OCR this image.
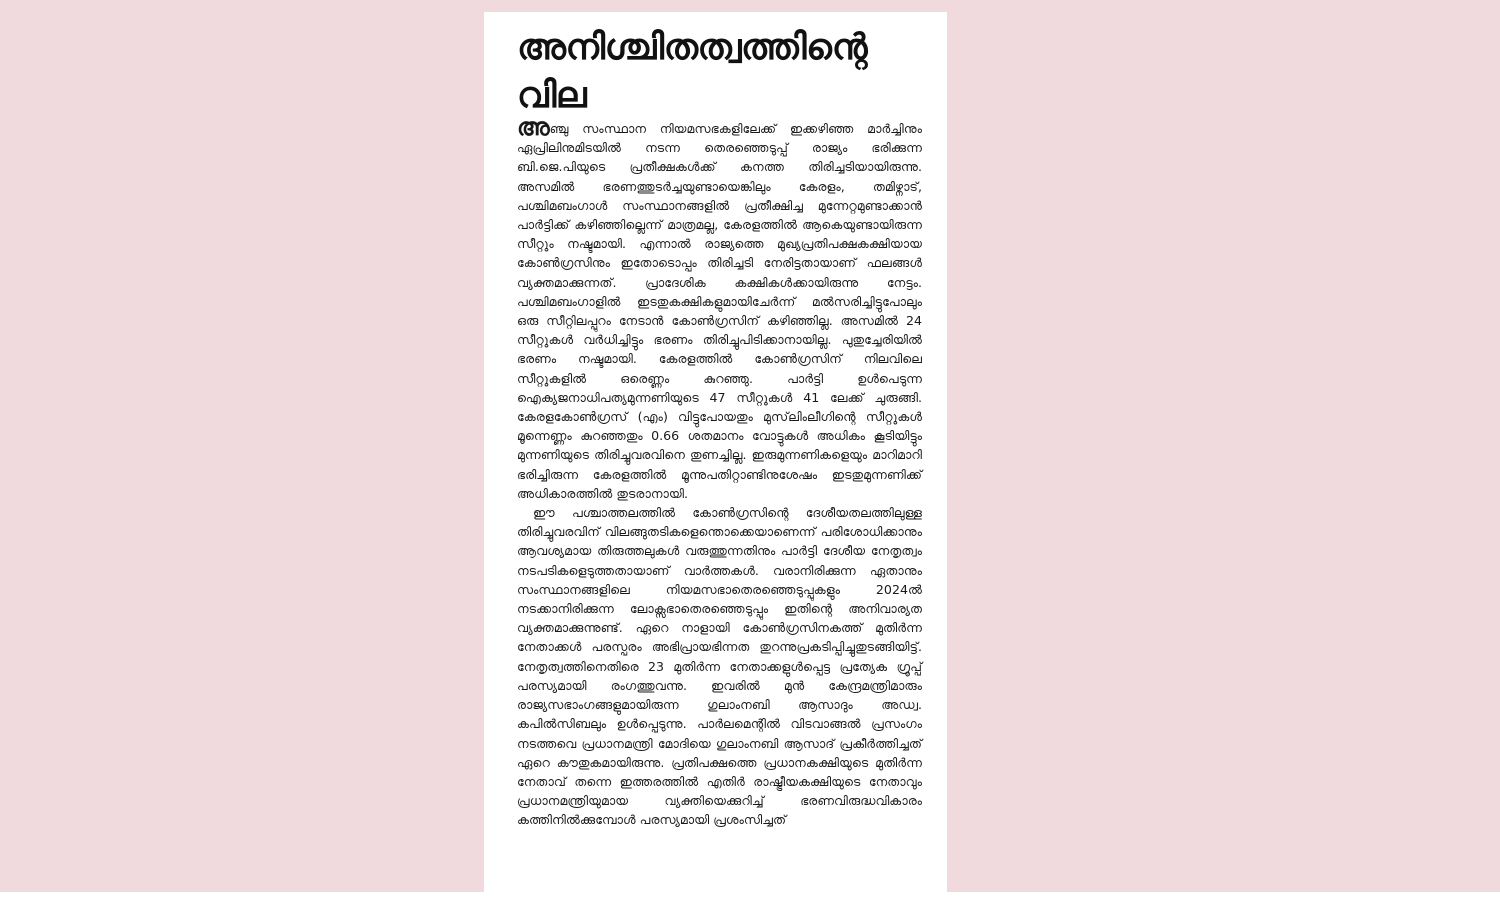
അനിശ്ചിതത്വത്തിന്റെ
വില

അഞ്ചു സംസ്ഥാന നിയമസഭകളിലേക്ക് ഇക്കഴിഞ്ഞ മാർച്ചിനും ഏപ്രിലിനുമിടയിൽ നടന്ന തെരഞ്ഞെടുപ്പ് രാജ്യം ഭരിക്കുന്ന ബി.ജെ.പിയുടെ പ്രതീക്ഷകൾക്ക് കനത്ത തിരിച്ചടിയായിരുന്നു. അസമിൽ ഭരണത്തുടർച്ചയുണ്ടായെങ്കിലും കേരളം, തമിഴ്നാട്, പശ്ചിമബംഗാൾ സംസ്ഥാനങ്ങളിൽ പ്രതീക്ഷിച്ച മുന്നേറ്റമുണ്ടാക്കാൻ പാർട്ടിക്ക് കഴിഞ്ഞില്ലെന്ന് മാത്രമല്ല, കേരളത്തിൽ ആകെയുണ്ടായിരുന്ന സീറ്റും നഷ്ടമായി. എന്നാൽ രാജ്യത്തെ മുഖ്യപ്രതിപക്ഷകക്ഷിയായ കോൺഗ്രസിനും ഇതോടൊപ്പം തിരിച്ചടി നേരിട്ടതായാണ് ഫലങ്ങൾ വ്യക്തമാക്കുന്നത്. പ്രാദേശിക കക്ഷികൾക്കായിരുന്നു നേട്ടം. പശ്ചിമബംഗാളിൽ ഇടതുകക്ഷികളുമായിചേർന്ന് മൽസരിച്ചിട്ടുപോലും ഒരു സീറ്റിലപ്പുറം നേടാൻ കോൺഗ്രസിന് കഴിഞ്ഞില്ല. അസമിൽ 24 സീറ്റുകൾ വർധിച്ചിട്ടും ഭരണം തിരിച്ചുപിടിക്കാനായില്ല. പുതുച്ചേരിയിൽ ഭരണം നഷ്ടമായി. കേരളത്തിൽ കോൺഗ്രസിന് നിലവിലെ സീറ്റുകളിൽ ഒരെണ്ണം കുറഞ്ഞു. പാർട്ടി ഉൾപെടുന്ന ഐക്യജനാധിപത്യമുന്നണിയുടെ 47 സീറ്റുകൾ 41 ലേക്ക് ചുരുങ്ങി. കേരളകോൺഗ്രസ് (എം) വിട്ടുപോയതും മുസ്‌ലിംലീഗിന്റെ സീറ്റുകൾ മൂന്നെണ്ണം കുറഞ്ഞതും 0.66 ശതമാനം വോട്ടുകൾ അധികം കൂടിയിട്ടും മുന്നണിയുടെ തിരിച്ചുവരവിനെ തുണച്ചില്ല. ഇരുമുന്നണികളെയും മാറിമാറി ഭരിച്ചിരുന്ന കേരളത്തിൽ മൂന്നുപതിറ്റാണ്ടിനുശേഷം ഇടതുമുന്നണിക്ക് അധികാരത്തിൽ തുടരാനായി.

ഈ പശ്ചാത്തലത്തിൽ കോൺഗ്രസിന്റെ ദേശീയതലത്തിലുള്ള തിരിച്ചുവരവിന് വിലങ്ങുതടികളെന്തൊക്കെയാണെന്ന് പരിശോധിക്കാനും ആവശ്യമായ തിരുത്തലുകൾ വരുത്തുന്നതിനും പാർട്ടി ദേശീയ നേതൃത്വം നടപടികളെടുത്തതായാണ് വാർത്തകൾ. വരാനിരിക്കുന്ന ഏതാനും സംസ്ഥാനങ്ങളിലെ നിയമസഭാതെരഞ്ഞെടുപ്പുകളും 2024ൽ നടക്കാനിരിക്കുന്ന ലോക്സഭാതെരഞ്ഞെടുപ്പും ഇതിന്റെ അനിവാര്യത വ്യക്തമാക്കുന്നുണ്ട്. ഏറെ നാളായി കോൺഗ്രസിനകത്ത് മുതിർന്ന നേതാക്കൾ പരസ്പരം അഭിപ്രായഭിന്നത തുറന്നുപ്രകടിപ്പിച്ചുതുടങ്ങിയിട്ട്. നേതൃത്വത്തിനെതിരെ 23 മുതിർന്ന നേതാക്കളുൾപ്പെട്ട പ്രത്യേക ഗ്രൂപ്പ് പരസ്യമായി രംഗത്തുവന്നു. ഇവരിൽ മുൻ കേന്ദ്രമന്ത്രിമാരും രാജ്യസഭാംഗങ്ങളുമായിരുന്ന ഗുലാംനബി ആസാദും അഡ്വ. കപിൽസിബലും ഉൾപ്പെടുന്നു. പാർലമെന്റിൽ വിടവാങ്ങൽ പ്രസംഗം നടത്തവെ പ്രധാനമന്ത്രി മോദിയെ ഗുലാംനബി ആസാദ് പ്രകീർത്തിച്ചത് ഏറെ കൗതുകമായിരുന്നു. പ്രതിപക്ഷത്തെ പ്രധാനകക്ഷിയുടെ മുതിർന്ന നേതാവ് തന്നെ ഇത്തരത്തിൽ എതിർ രാഷ്ട്രീയകക്ഷിയുടെ നേതാവും പ്രധാനമന്ത്രിയുമായ വ്യക്തിയെക്കുറിച്ച് ഭരണവിരുദ്ധവികാരം കത്തിനിൽക്കുമ്പോൾ പരസ്യമായി പ്രശംസിച്ചത്
